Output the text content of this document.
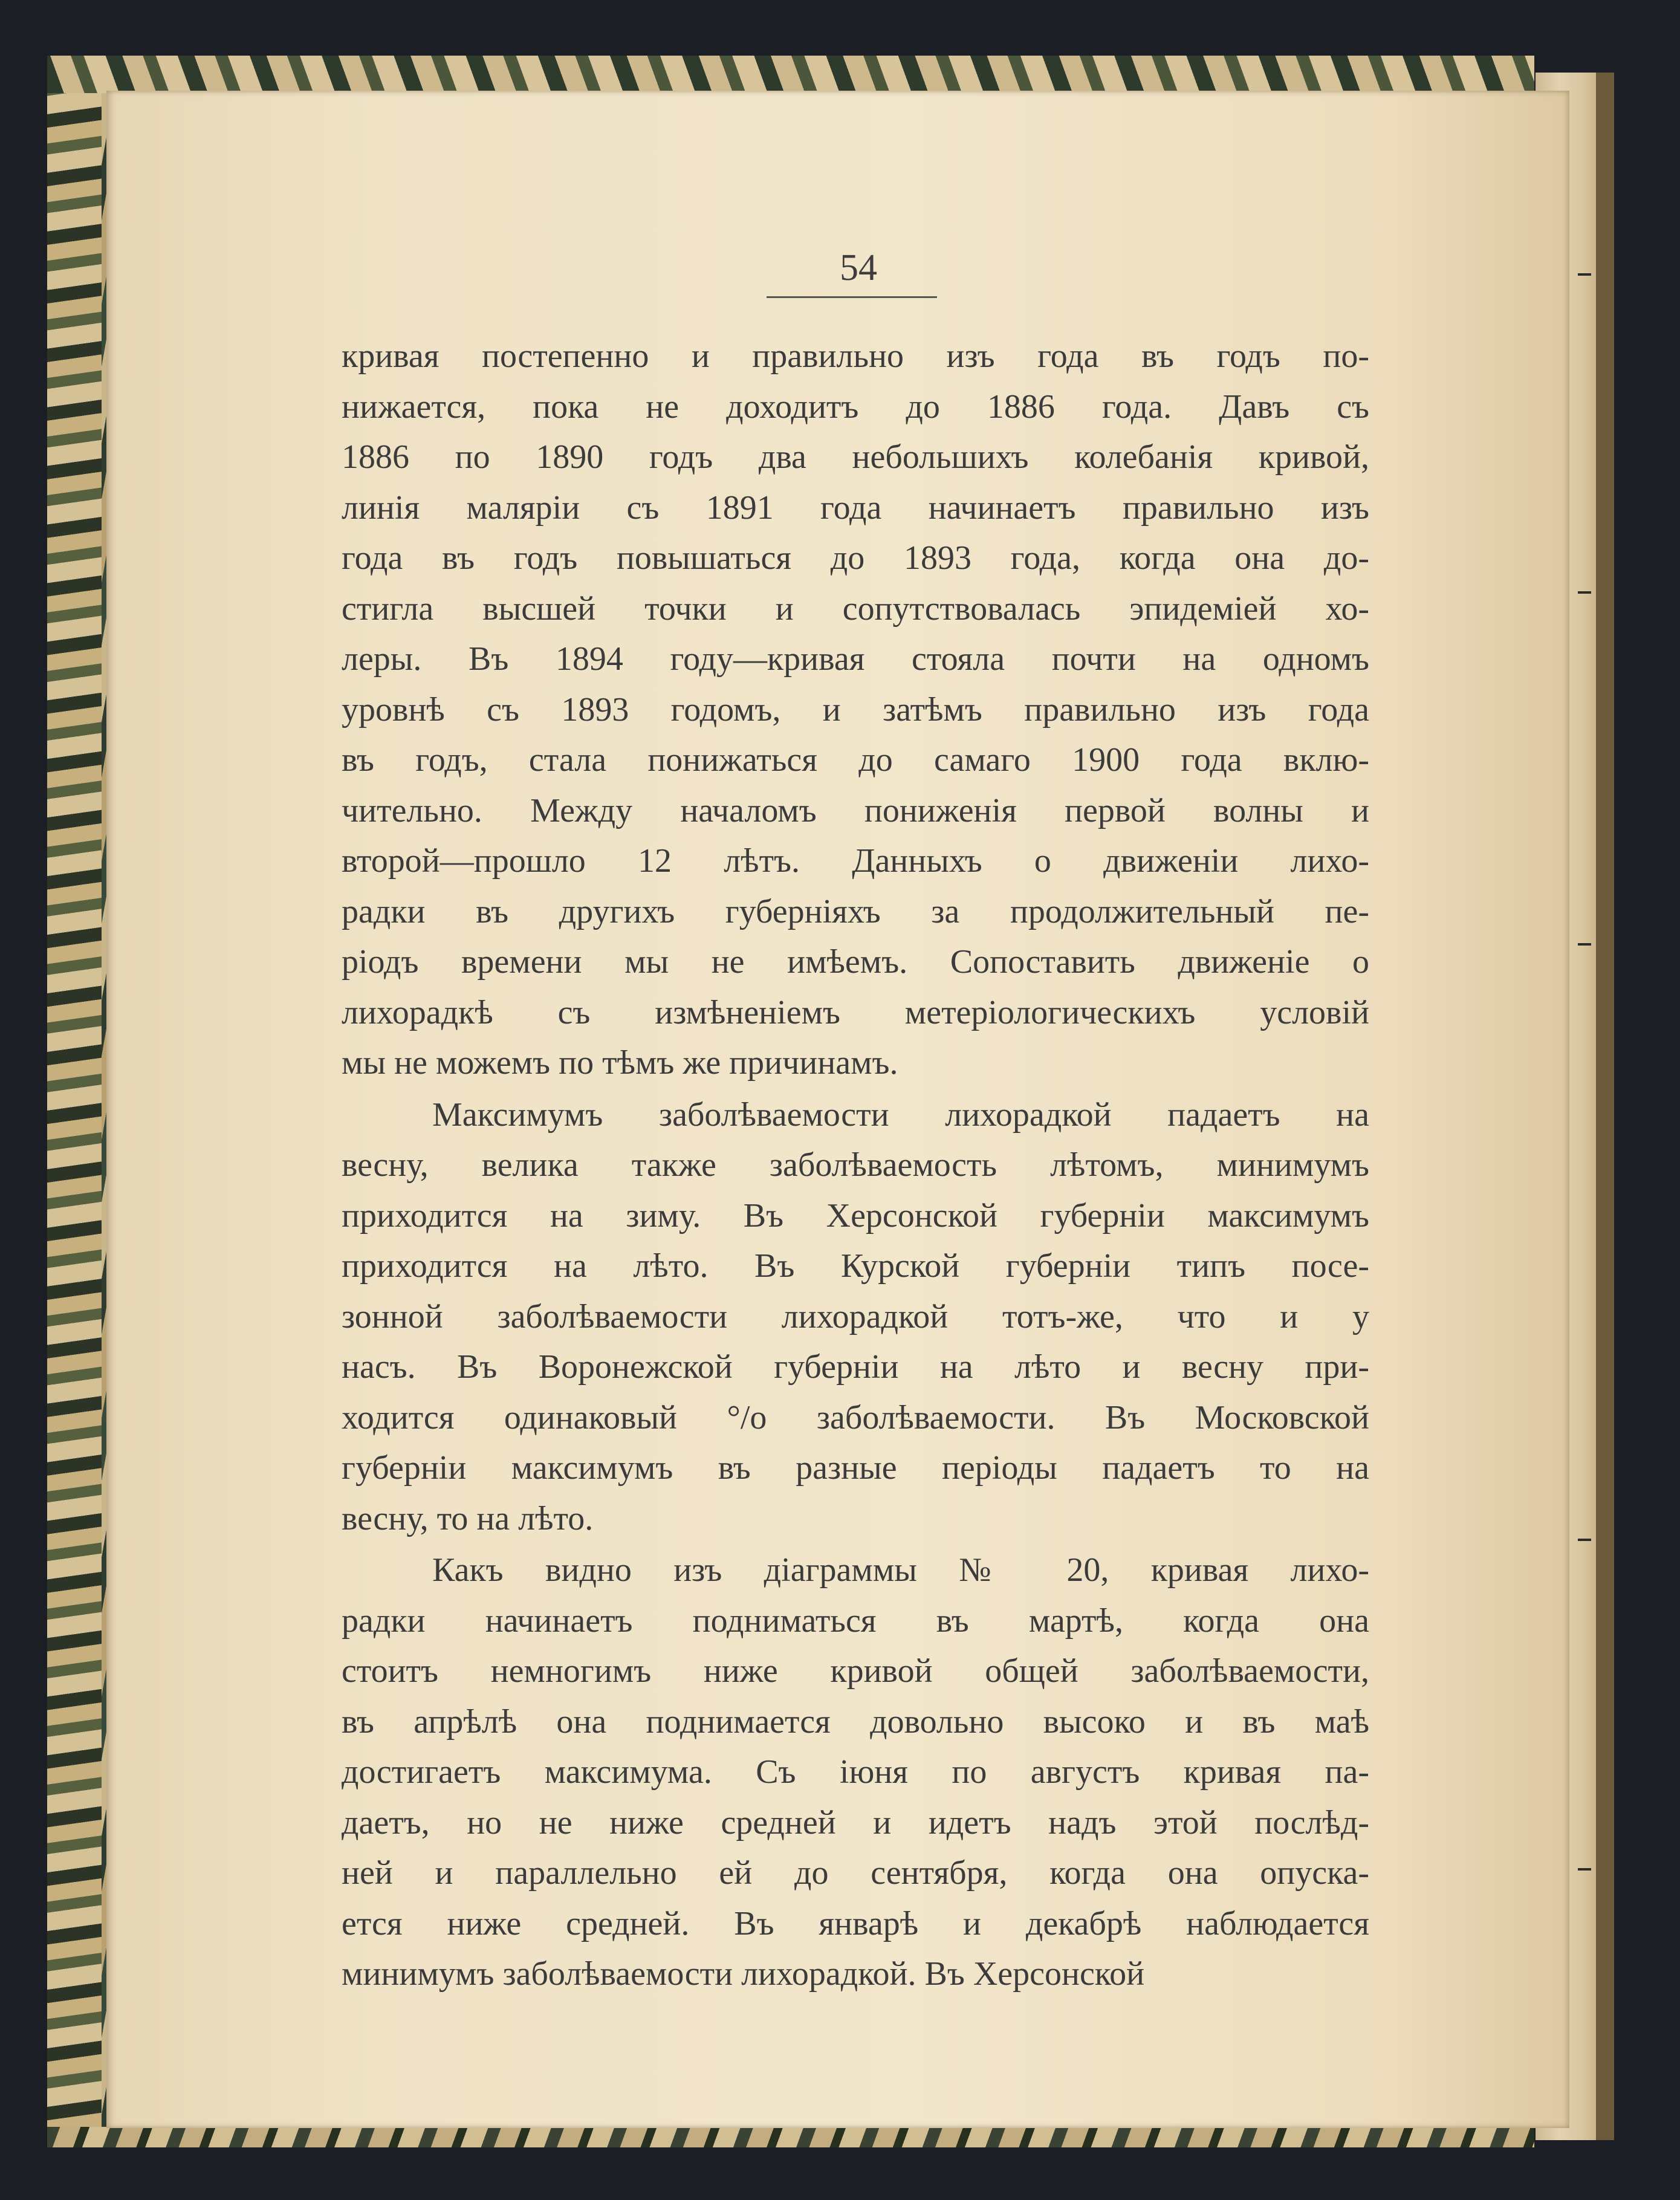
54

кривая постепенно и правильно изъ года въ годъ по-
нижается, пока не доходитъ до 1886 года. Давъ съ
1886 по 1890 годъ два небольшихъ колебанія кривой,
линія маляріи съ 1891 года начинаетъ правильно изъ
года въ годъ повышаться до 1893 года, когда она до-
стигла высшей точки и сопутствовалась эпидеміей хо-
леры. Въ 1894 году—кривая стояла почти на одномъ
уровнѣ съ 1893 годомъ, и затѣмъ правильно изъ года
въ годъ, стала понижаться до самаго 1900 года вклю-
чительно. Между началомъ пониженія первой волны и
второй—прошло 12 лѣтъ. Данныхъ о движеніи лихо-
радки въ другихъ губерніяхъ за продолжительный пе-
ріодъ времени мы не имѣемъ. Сопоставить движеніе о
лихорадкѣ съ измѣненіемъ метеріологическихъ условій
мы не можемъ по тѣмъ же причинамъ.

Максимумъ заболѣваемости лихорадкой падаетъ на
весну, велика также заболѣваемость лѣтомъ, минимумъ
приходится на зиму. Въ Херсонской губерніи максимумъ
приходится на лѣто. Въ Курской губерніи типъ посе-
зонной заболѣваемости лихорадкой тотъ-же, что и у
насъ. Въ Воронежской губерніи на лѣто и весну при-
ходится одинаковый °/o заболѣваемости. Въ Московской
губерніи максимумъ въ разные періоды падаетъ то на
весну, то на лѣто.

Какъ видно изъ діаграммы № 20, кривая лихо-
радки начинаетъ подниматься въ мартѣ, когда она
стоитъ немногимъ ниже кривой общей заболѣваемости,
въ апрѣлѣ она поднимается довольно высоко и въ маѣ
достигаетъ максимума. Съ іюня по августъ кривая па-
даетъ, но не ниже средней и идетъ надъ этой послѣд-
ней и параллельно ей до сентября, когда она опуска-
ется ниже средней. Въ январѣ и декабрѣ наблюдается
минимумъ заболѣваемости лихорадкой. Въ Херсонской
